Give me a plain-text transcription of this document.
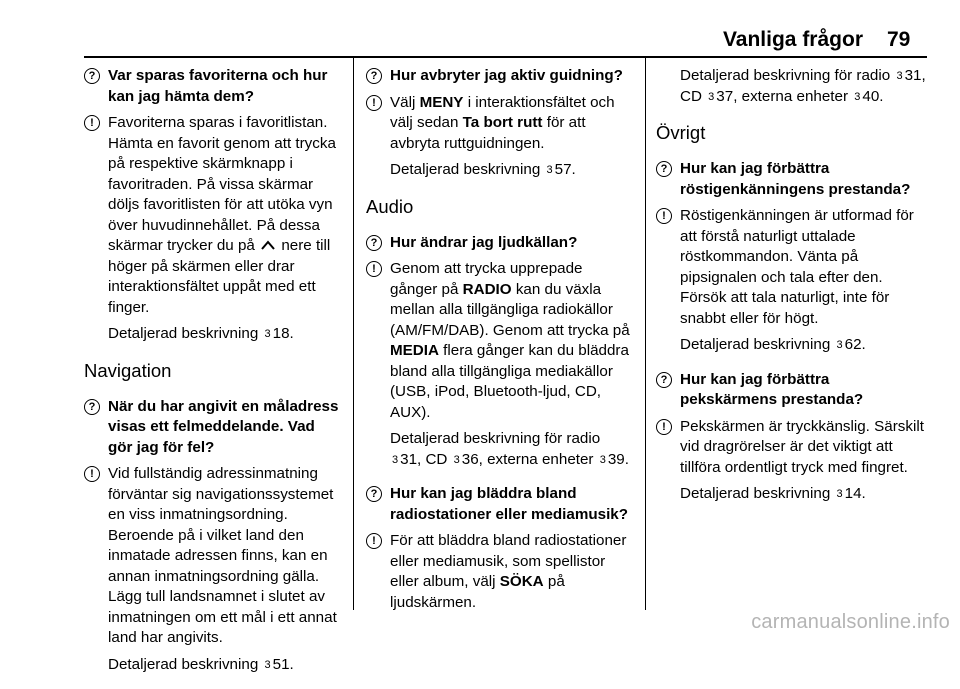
Vanliga frågor 79
? Var sparas favoriterna och hur kan jag hämta dem?
! Favoriterna sparas i favoritlistan. Hämta en favorit genom att trycka på respektive skärmknapp i favoritraden. På vissa skärmar döljs favoritlisten för att utöka vyn över huvudinnehållet. På dessa skärmar trycker du på nere till höger på skärmen eller drar interaktionsfältet uppåt med ett finger.
Detaljerad beskrivning 3 18.
Navigation
? När du har angivit en måladress visas ett felmeddelande. Vad gör jag för fel?
! Vid fullständig adressinmatning förväntar sig navigationssystemet en viss inmatningsordning. Beroende på i vilket land den inmatade adressen finns, kan en annan inmatningsordning gälla. Lägg tull landsnamnet i slutet av inmatningen om ett mål i ett annat land har angivits.
Detaljerad beskrivning 3 51.
? Hur avbryter jag aktiv guidning?
! Välj MENY i interaktionsfältet och välj sedan Ta bort rutt för att avbryta ruttguidningen.
Detaljerad beskrivning 3 57.
Audio
? Hur ändrar jag ljudkällan?
! Genom att trycka upprepade gånger på RADIO kan du växla mellan alla tillgängliga radiokällor (AM/FM/DAB). Genom att trycka på MEDIA flera gånger kan du bläddra bland alla tillgängliga mediakällor (USB, iPod, Bluetooth-ljud, CD, AUX).
Detaljerad beskrivning för radio 3 31, CD 3 36, externa enheter 3 39.
? Hur kan jag bläddra bland radiostationer eller mediamusik?
! För att bläddra bland radiostationer eller mediamusik, som spellistor eller album, välj SÖKA på ljudskärmen.
Detaljerad beskrivning för radio 3 31, CD 3 37, externa enheter 3 40.
Övrigt
? Hur kan jag förbättra röstigenkänningens prestanda?
! Röstigenkänningen är utformad för att förstå naturligt uttalade röstkommandon. Vänta på pipsignalen och tala efter den. Försök att tala naturligt, inte för snabbt eller för högt.
Detaljerad beskrivning 3 62.
? Hur kan jag förbättra pekskärmens prestanda?
! Pekskärmen är tryckkänslig. Särskilt vid dragrörelser är det viktigt att tillföra ordentligt tryck med fingret.
Detaljerad beskrivning 3 14.
carmanualsonline.info
